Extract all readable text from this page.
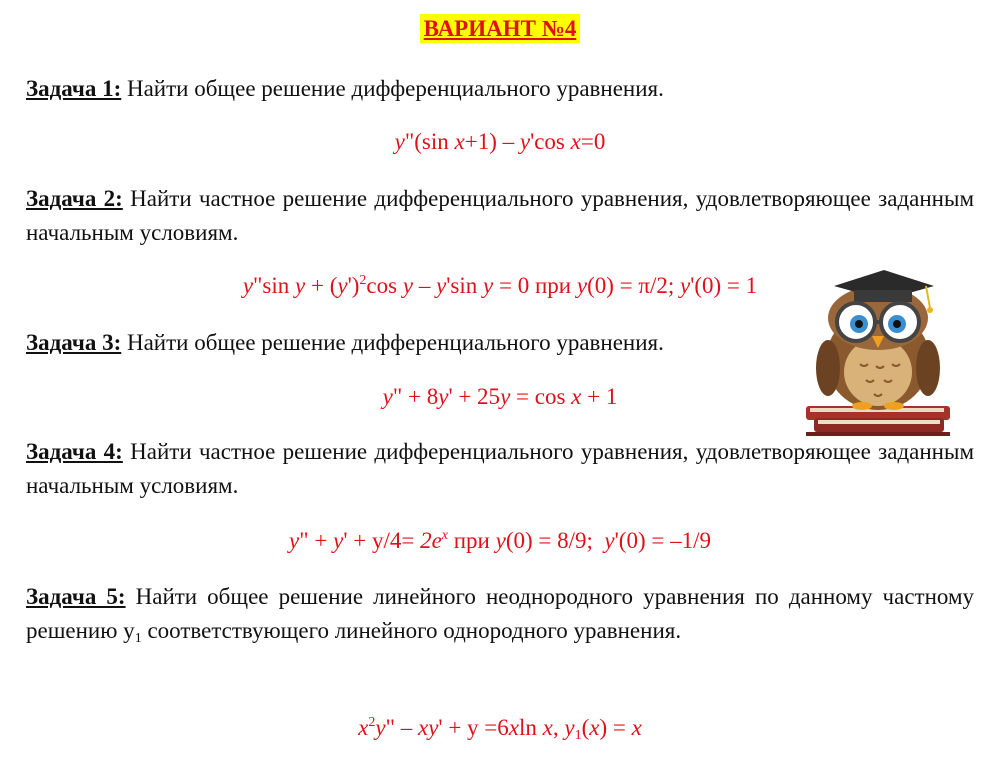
ВАРИАНТ №4
Задача 1: Найти общее решение дифференциального уравнения.
y"(sin x+1) – y'cos x=0
Задача 2: Найти частное решение дифференциального уравнения, удовлетворяющее заданным начальным условиям.
y"sin $y + (y')^2\cos$ y – y'sin y = 0 при y(0) = π/2; y'(0) = 1
Задача 3: Найти общее решение дифференциального уравнения.
y" + 8y' + 25y = cos x + 1
Задача 4: Найти частное решение дифференциального уравнения, удовлетворяющее заданным начальным условиям.
y" + $y' + y/4= 2e^x$ при y(0) = 8/9;  y'(0) = –1/9
Задача 5: Найти общее решение линейного неоднородного уравнения по данному частному решению $y_1$ соответствующего линейного однородного уравнения.
$x^2y$" – xy' + y =6xln x, $y_1(x) = x$
